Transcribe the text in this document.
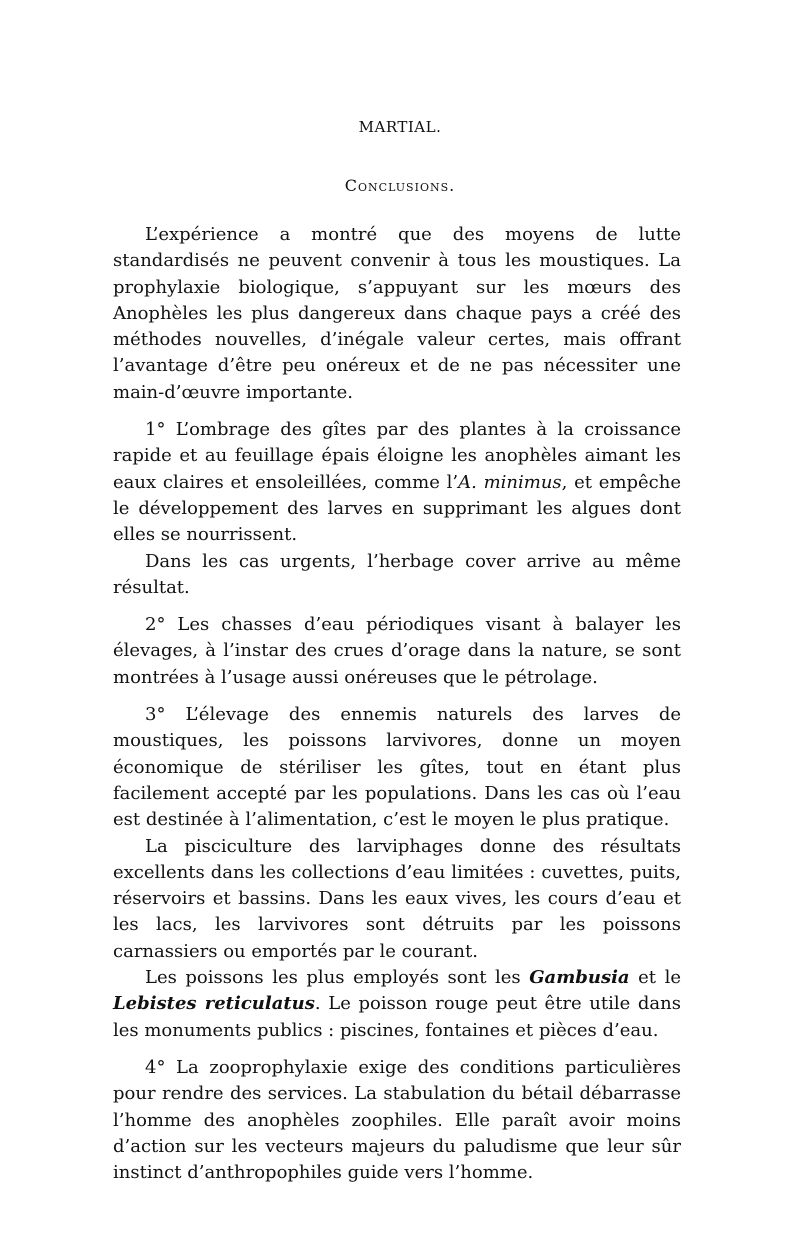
MARTIAL.
Conclusions.

L’expérience a montré que des moyens de lutte standardisés ne peuvent convenir à tous les moustiques. La prophylaxie biologique, s’appuyant sur les mœurs des Anophèles les plus dangereux dans chaque pays a créé des méthodes nouvelles, d’inégale valeur certes, mais offrant l’avantage d’être peu onéreux et de ne pas nécessiter une main-d’œuvre importante.

1° L’ombrage des gîtes par des plantes à la croissance rapide et au feuillage épais éloigne les anophèles aimant les eaux claires et ensoleillées, comme l’A. minimus, et empêche le développement des larves en supprimant les algues dont elles se nourrissent.

Dans les cas urgents, l’herbage cover arrive au même résultat.

2° Les chasses d’eau périodiques visant à balayer les élevages, à l’instar des crues d’orage dans la nature, se sont montrées à l’usage aussi onéreuses que le pétrolage.

3° L’élevage des ennemis naturels des larves de moustiques, les poissons larvivores, donne un moyen économique de stériliser les gîtes, tout en étant plus facilement accepté par les populations. Dans les cas où l’eau est destinée à l’alimentation, c’est le moyen le plus pratique.

La pisciculture des larviphages donne des résultats excellents dans les collections d’eau limitées : cuvettes, puits, réservoirs et bassins. Dans les eaux vives, les cours d’eau et les lacs, les larvivores sont détruits par les poissons carnassiers ou emportés par le courant.

Les poissons les plus employés sont les Gambusia et le Lebistes reticulatus. Le poisson rouge peut être utile dans les monuments publics : piscines, fontaines et pièces d’eau.

4° La zooprophylaxie exige des conditions particulières pour rendre des services. La stabulation du bétail débarrasse l’homme des anophèles zoophiles. Elle paraît avoir moins d’action sur les vecteurs majeurs du paludisme que leur sûr instinct d’anthropophiles guide vers l’homme.
